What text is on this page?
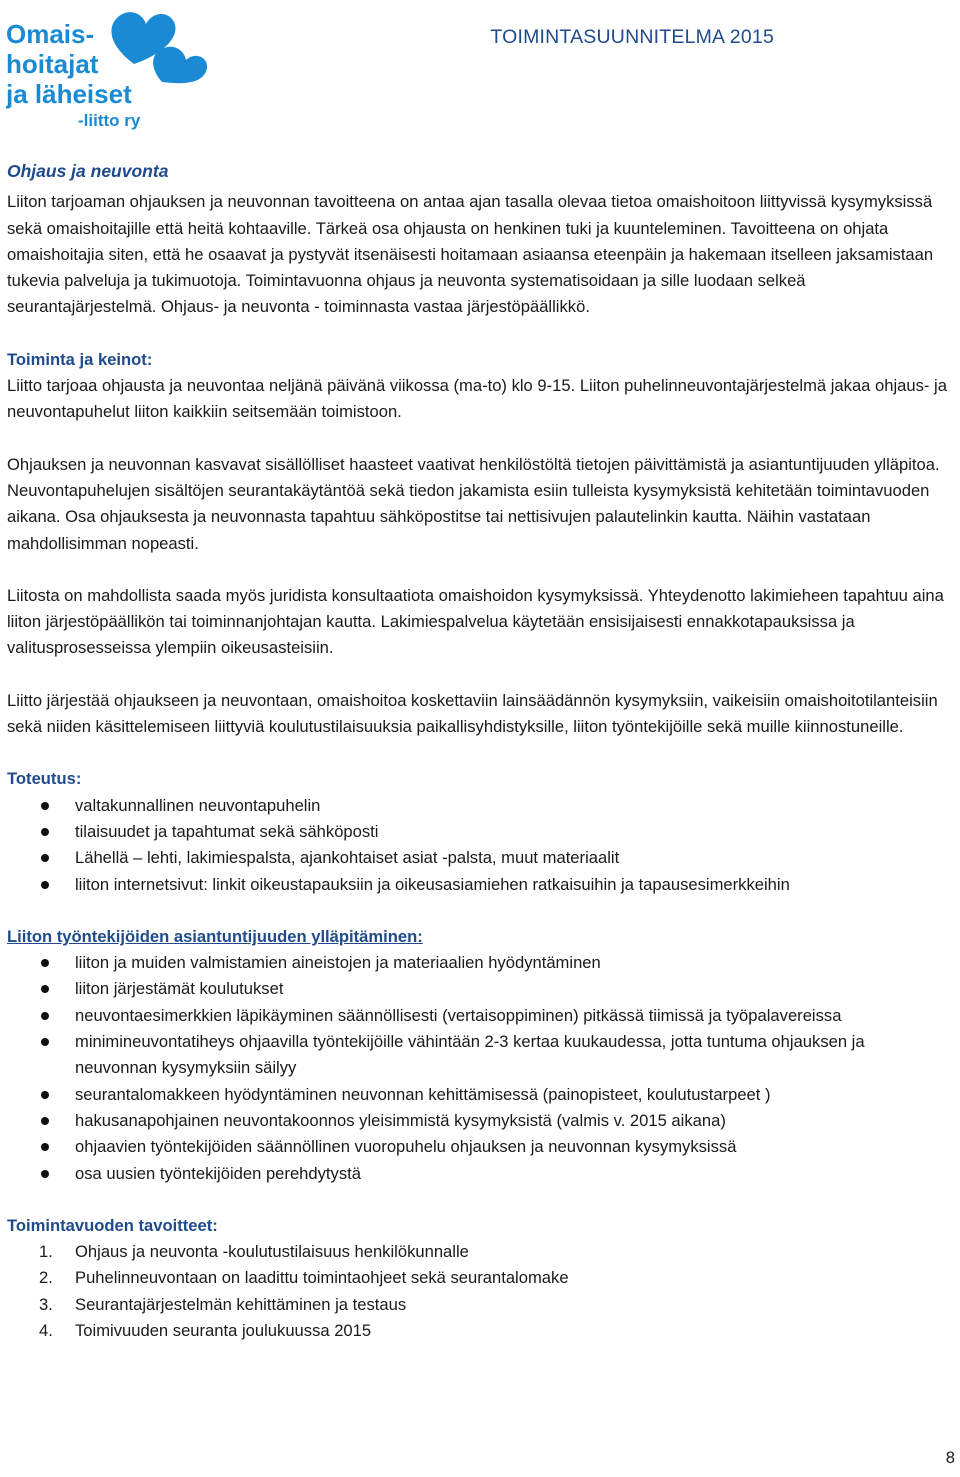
Omais-
hoitajat
ja läheiset
-liitto ry
TOIMINTASUUNNITELMA 2015
Ohjaus ja neuvonta

Liiton tarjoaman ohjauksen ja neuvonnan tavoitteena on antaa ajan tasalla olevaa tietoa omaishoitoon liittyvissä kysymyksissä sekä omaishoitajille että heitä kohtaaville. Tärkeä osa ohjausta on henkinen tuki ja kuunteleminen. Tavoitteena on ohjata omaishoitajia siten, että he osaavat ja pystyvät itsenäisesti hoitamaan asiaansa eteenpäin ja hakemaan itselleen jaksamistaan tukevia palveluja ja tukimuotoja. Toimintavuonna ohjaus ja neuvonta systematisoidaan ja sille luodaan selkeä seurantajärjestelmä. Ohjaus- ja neuvonta - toiminnasta vastaa järjestöpäällikkö.

Toiminta ja keinot:

Liitto tarjoaa ohjausta ja neuvontaa neljänä päivänä viikossa (ma-to) klo 9-15. Liiton puhelinneuvontajärjestelmä jakaa ohjaus- ja neuvontapuhelut liiton kaikkiin seitsemään toimistoon.

Ohjauksen ja neuvonnan kasvavat sisällölliset haasteet vaativat henkilöstöltä tietojen päivittämistä ja asiantuntijuuden ylläpitoa. Neuvontapuhelujen sisältöjen seurantakäytäntöä sekä tiedon jakamista esiin tulleista kysymyksistä kehitetään toimintavuoden aikana. Osa ohjauksesta ja neuvonnasta tapahtuu sähköpostitse tai nettisivujen palautelinkin kautta. Näihin vastataan mahdollisimman nopeasti.

Liitosta on mahdollista saada myös juridista konsultaatiota omaishoidon kysymyksissä. Yhteydenotto lakimieheen tapahtuu aina liiton järjestöpäällikön tai toiminnanjohtajan kautta. Lakimiespalvelua käytetään ensisijaisesti ennakkotapauksissa ja valitusprosesseissa ylempiin oikeusasteisiin.

Liitto järjestää ohjaukseen ja neuvontaan, omaishoitoa koskettaviin lainsäädännön kysymyksiin, vaikeisiin omaishoitotilanteisiin sekä niiden käsittelemiseen liittyviä koulutustilaisuuksia paikallisyhdistyksille, liiton työntekijöille sekä muille kiinnostuneille.

Toteutus:

valtakunnallinen neuvontapuhelin
tilaisuudet ja tapahtumat sekä sähköposti
Lähellä – lehti, lakimiespalsta, ajankohtaiset asiat -palsta, muut materiaalit
liiton internetsivut: linkit oikeustapauksiin ja oikeusasiamiehen ratkaisuihin ja tapausesimerkkeihin

Liiton työntekijöiden asiantuntijuuden ylläpitäminen:

liiton ja muiden valmistamien aineistojen ja materiaalien hyödyntäminen
liiton järjestämät koulutukset
neuvontaesimerkkien läpikäyminen säännöllisesti (vertaisoppiminen) pitkässä tiimissä ja työpalavereissa
minimineuvontatiheys ohjaavilla työntekijöille vähintään 2-3 kertaa kuukaudessa, jotta tuntuma ohjauksen ja neuvonnan kysymyksiin säilyy
seurantalomakkeen hyödyntäminen neuvonnan kehittämisessä (painopisteet, koulutustarpeet )
hakusanapohjainen neuvontakoonnos yleisimmistä kysymyksistä (valmis v. 2015 aikana)
ohjaavien työntekijöiden säännöllinen vuoropuhelu ohjauksen ja neuvonnan kysymyksissä
osa uusien työntekijöiden perehdytystä

Toimintavuoden tavoitteet:

1. Ohjaus ja neuvonta -koulutustilaisuus henkilökunnalle
2. Puhelinneuvontaan on laadittu toimintaohjeet sekä seurantalomake
3. Seurantajärjestelmän kehittäminen ja testaus
4. Toimivuuden seuranta joulukuussa 2015
8
